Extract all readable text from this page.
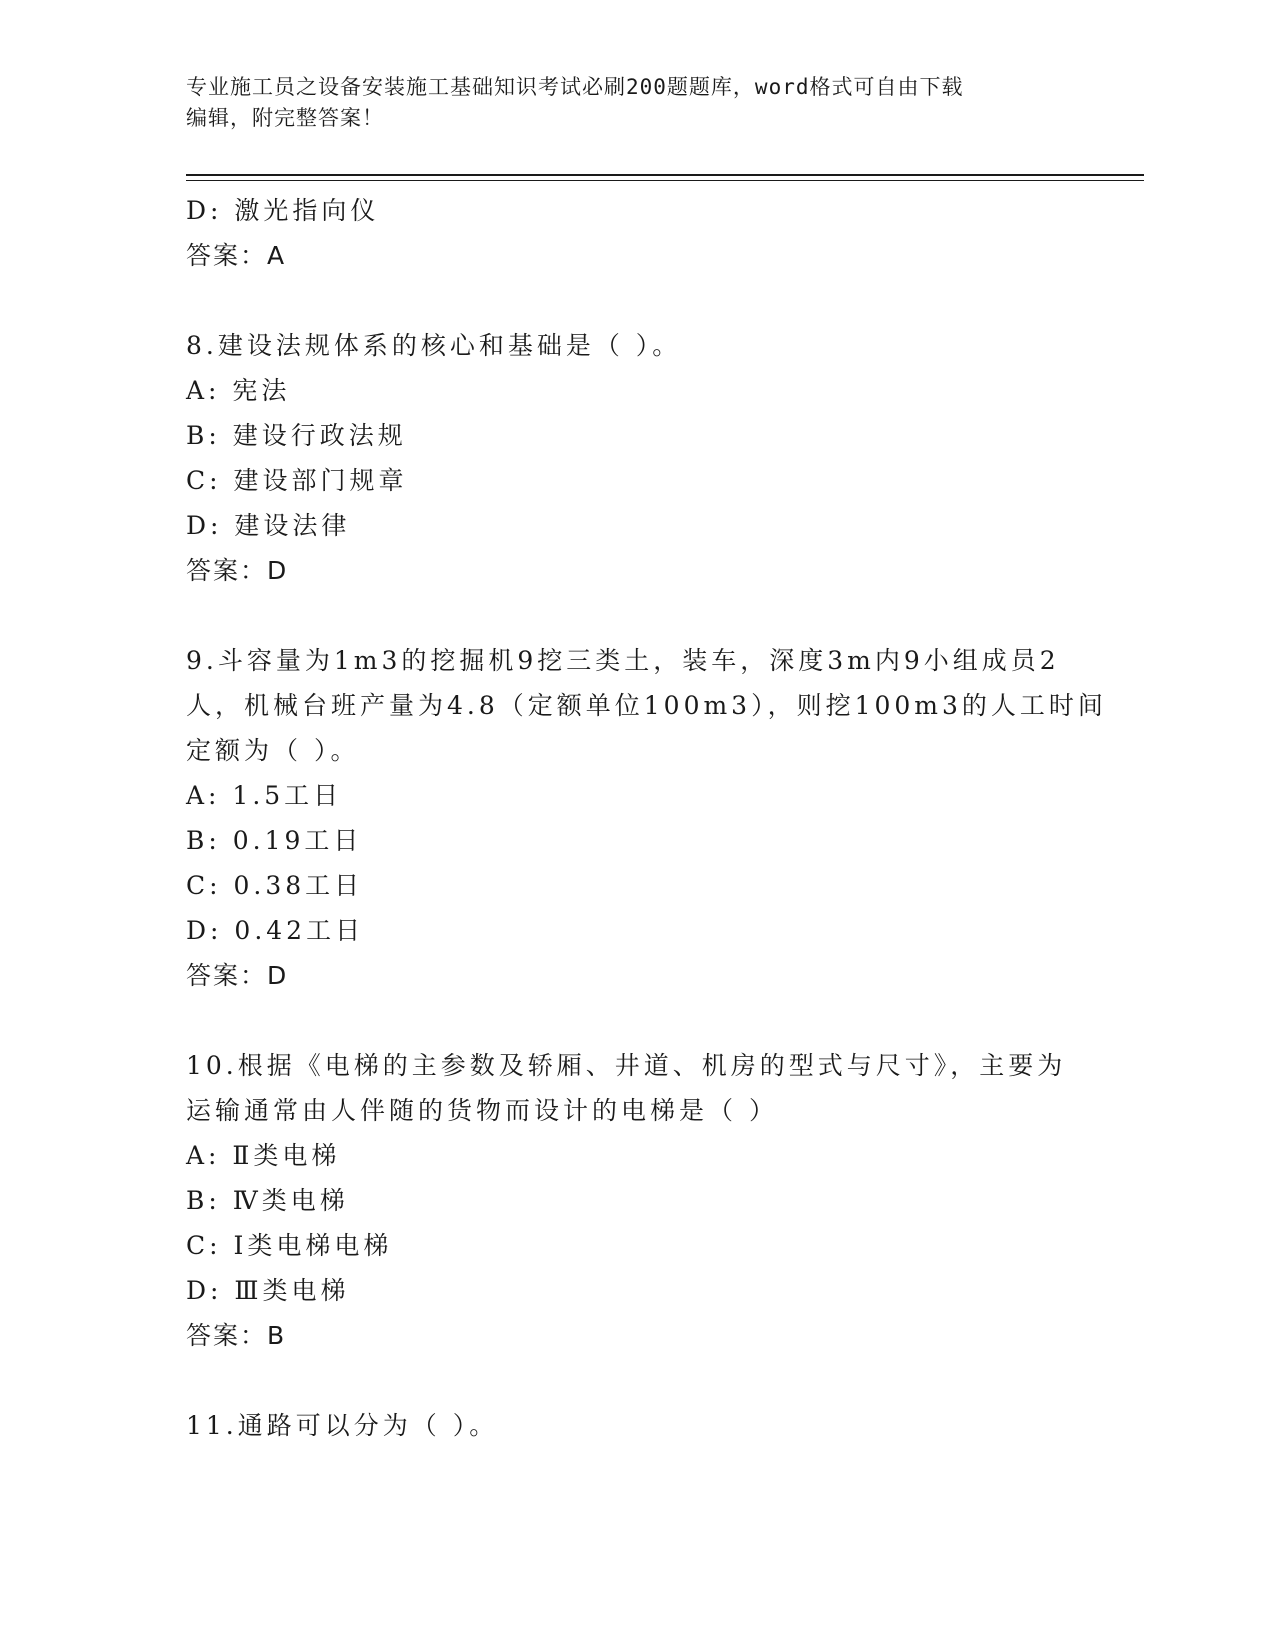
专业施工员之设备安装施工基础知识考试必刷200题题库，word格式可自由下载
编辑，附完整答案！
D: 激光指向仪
答案：A
8.建设法规体系的核心和基础是（ ）。
A: 宪法
B: 建设行政法规
C: 建设部门规章
D: 建设法律
答案：D
9.斗容量为1m3的挖掘机9挖三类土，装车，深度3m内9小组成员2
人，机械台班产量为4.8（定额单位100m3），则挖100m3的人工时间
定额为（ ）。
A: 1.5工日
B: 0.19工日
C: 0.38工日
D: 0.42工日
答案：D
10.根据《电梯的主参数及轿厢、井道、机房的型式与尺寸》，主要为
运输通常由人伴随的货物而设计的电梯是（ ）
A: Ⅱ类电梯
B: Ⅳ类电梯
C: Ⅰ类电梯电梯
D: Ⅲ类电梯
答案：B
11.通路可以分为（ ）。
